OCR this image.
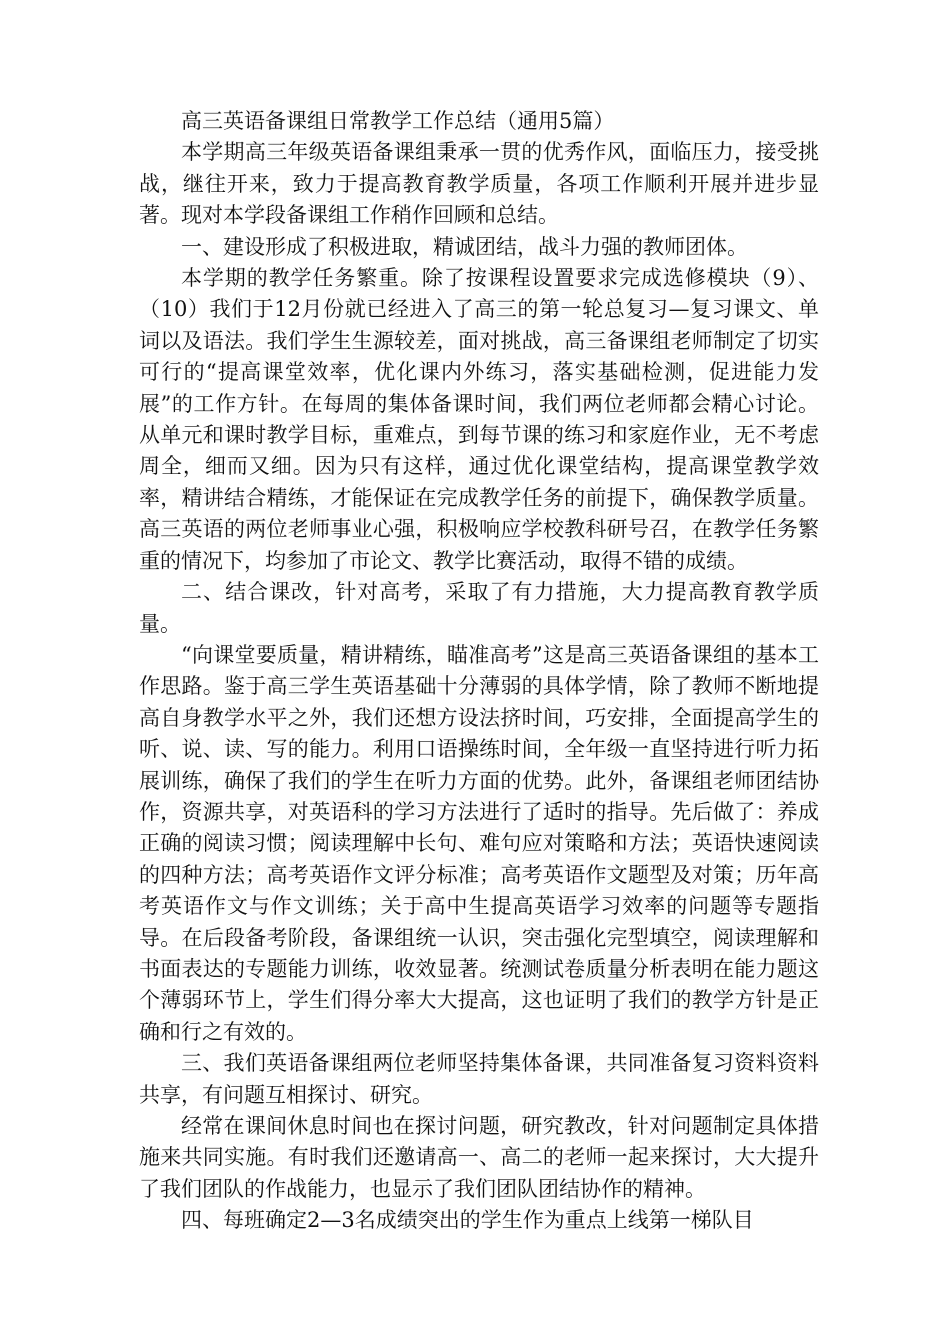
高三英语备课组日常教学工作总结（通用5篇）

本学期高三年级英语备课组秉承一贯的优秀作风，面临压力，接受挑战，继往开来，致力于提高教育教学质量，各项工作顺利开展并进步显著。现对本学段备课组工作稍作回顾和总结。

一、建设形成了积极进取，精诚团结，战斗力强的教师团体。

本学期的教学任务繁重。除了按课程设置要求完成选修模块（9）、（10）我们于12月份就已经进入了高三的第一轮总复习—复习课文、单词以及语法。我们学生生源较差，面对挑战，高三备课组老师制定了切实可行的“提高课堂效率，优化课内外练习，落实基础检测，促进能力发展”的工作方针。在每周的集体备课时间，我们两位老师都会精心讨论。从单元和课时教学目标，重难点，到每节课的练习和家庭作业，无不考虑周全，细而又细。因为只有这样，通过优化课堂结构，提高课堂教学效率，精讲结合精练，才能保证在完成教学任务的前提下，确保教学质量。高三英语的两位老师事业心强，积极响应学校教科研号召，在教学任务繁重的情况下，均参加了市论文、教学比赛活动，取得不错的成绩。

二、结合课改，针对高考，采取了有力措施，大力提高教育教学质量。

“向课堂要质量，精讲精练，瞄准高考”这是高三英语备课组的基本工作思路。鉴于高三学生英语基础十分薄弱的具体学情，除了教师不断地提高自身教学水平之外，我们还想方设法挤时间，巧安排，全面提高学生的听、说、读、写的能力。利用口语操练时间，全年级一直坚持进行听力拓展训练，确保了我们的学生在听力方面的优势。此外，备课组老师团结协作，资源共享，对英语科的学习方法进行了适时的指导。先后做了：养成正确的阅读习惯；阅读理解中长句、难句应对策略和方法；英语快速阅读的四种方法；高考英语作文评分标准；高考英语作文题型及对策；历年高考英语作文与作文训练；关于高中生提高英语学习效率的问题等专题指导。在后段备考阶段，备课组统一认识，突击强化完型填空，阅读理解和书面表达的专题能力训练，收效显著。统测试卷质量分析表明在能力题这个薄弱环节上，学生们得分率大大提高，这也证明了我们的教学方针是正确和行之有效的。

三、我们英语备课组两位老师坚持集体备课，共同准备复习资料资料共享，有问题互相探讨、研究。

经常在课间休息时间也在探讨问题，研究教改，针对问题制定具体措施来共同实施。有时我们还邀请高一、高二的老师一起来探讨，大大提升了我们团队的作战能力，也显示了我们团队团结协作的精神。

四、每班确定2—3名成绩突出的学生作为重点上线第一梯队目
